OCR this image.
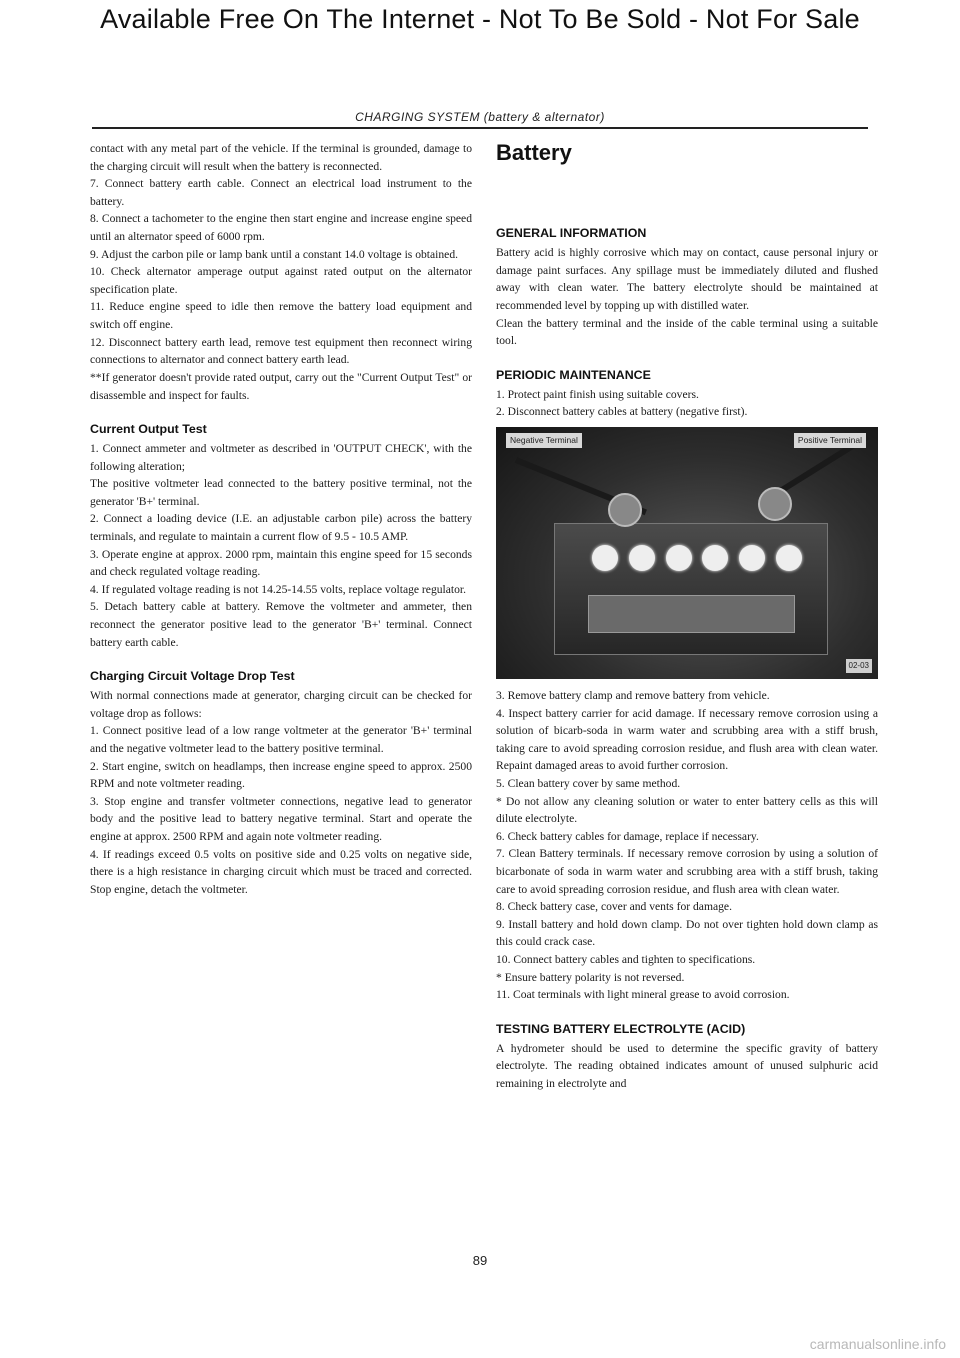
Available Free On The Internet - Not To Be Sold - Not For Sale
CHARGING SYSTEM (battery & alternator)

contact with any metal part of the vehicle. If the terminal is grounded, damage to the charging circuit will result when the battery is reconnected.

7. Connect battery earth cable. Connect an electrical load instrument to the battery.

8. Connect a tachometer to the engine then start engine and increase engine speed until an alternator speed of 6000 rpm.

9. Adjust the carbon pile or lamp bank until a constant 14.0 voltage is obtained.

10. Check alternator amperage output against rated output on the alternator specification plate.

11. Reduce engine speed to idle then remove the battery load equipment and switch off engine.

12. Disconnect battery earth lead, remove test equipment then reconnect wiring connections to alternator and connect battery earth lead.

**If generator doesn't provide rated output, carry out the "Current Output Test" or disassemble and inspect for faults.

Current Output Test

1. Connect ammeter and voltmeter as described in 'OUTPUT CHECK', with the following alteration;

The positive voltmeter lead connected to the battery positive terminal, not the generator 'B+' terminal.

2. Connect a loading device (I.E. an adjustable carbon pile) across the battery terminals, and regulate to maintain a current flow of 9.5 - 10.5 AMP.

3. Operate engine at approx. 2000 rpm, maintain this engine speed for 15 seconds and check regulated voltage reading.

4. If regulated voltage reading is not 14.25-14.55 volts, replace voltage regulator.

5. Detach battery cable at battery. Remove the voltmeter and ammeter, then reconnect the generator positive lead to the generator 'B+' terminal. Connect battery earth cable.

Charging Circuit Voltage Drop Test

With normal connections made at generator, charging circuit can be checked for voltage drop as follows:

1. Connect positive lead of a low range voltmeter at the generator 'B+' terminal and the negative voltmeter lead to the battery positive terminal.

2. Start engine, switch on headlamps, then increase engine speed to approx. 2500 RPM and note voltmeter reading.

3. Stop engine and transfer voltmeter connections, negative lead to generator body and the positive lead to battery negative terminal. Start and operate the engine at approx. 2500 RPM and again note voltmeter reading.

4. If readings exceed 0.5 volts on positive side and 0.25 volts on negative side, there is a high resistance in charging circuit which must be traced and corrected. Stop engine, detach the voltmeter.

Battery
GENERAL INFORMATION

Battery acid is highly corrosive which may on contact, cause personal injury or damage paint surfaces. Any spillage must be immediately diluted and flushed away with clean water. The battery electrolyte should be maintained at recommended level by topping up with distilled water.

Clean the battery terminal and the inside of the cable terminal using a suitable tool.

PERIODIC MAINTENANCE

1. Protect paint finish using suitable covers.

2. Disconnect battery cables at battery (negative first).

Negative Terminal	Positive Terminal
02-03

3. Remove battery clamp and remove battery from vehicle.

4. Inspect battery carrier for acid damage. If necessary remove corrosion using a solution of bicarb-soda in warm water and scrubbing area with a stiff brush, taking care to avoid spreading corrosion residue, and flush area with clean water. Repaint damaged areas to avoid further corrosion.

5. Clean battery cover by same method.

* Do not allow any cleaning solution or water to enter battery cells as this will dilute electrolyte.

6. Check battery cables for damage, replace if necessary.

7. Clean Battery terminals. If necessary remove corrosion by using a solution of bicarbonate of soda in warm water and scrubbing area with a stiff brush, taking care to avoid spreading corrosion residue, and flush area with clean water.

8. Check battery case, cover and vents for damage.

9. Install battery and hold down clamp. Do not over tighten hold down clamp as this could crack case.

10. Connect battery cables and tighten to specifications.

* Ensure battery polarity is not reversed.

11. Coat terminals with light mineral grease to avoid corrosion.

TESTING BATTERY ELECTROLYTE (ACID)

A hydrometer should be used to determine the specific gravity of battery electrolyte. The reading obtained indicates amount of unused sulphuric acid remaining in electrolyte and

89
carmanualsonline.info
